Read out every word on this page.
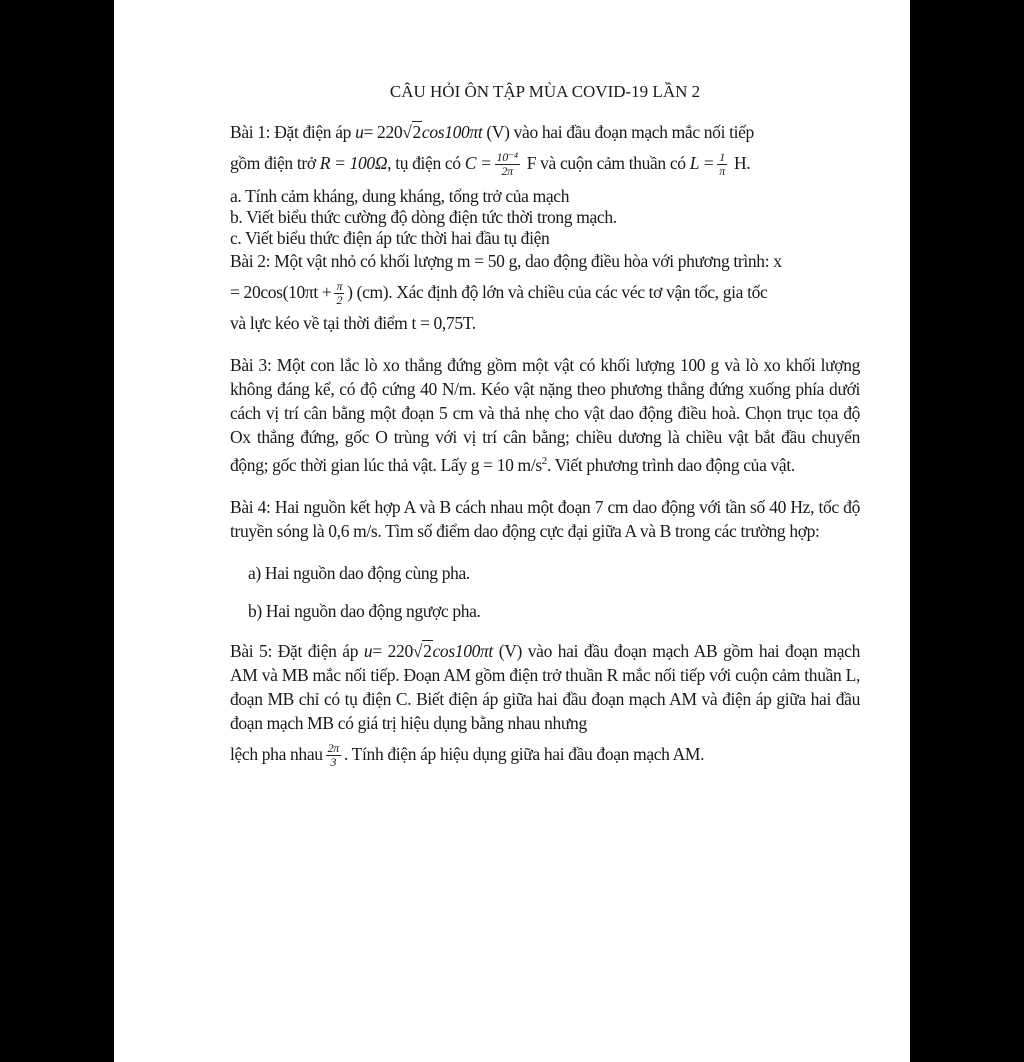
CÂU HỎI ÔN TẬP MÙA COVID-19 LẦN 2
Bài 1: Đặt điện áp u= 220√2cos100πt (V) vào hai đầu đoạn mạch mắc nối tiếp
gồm điện trở R = 100Ω, tụ điện có $C = \frac{\text{10⁻⁴}}{2\pi}$ F và cuộn cảm thuần có $L = \frac{1}{\pi} H$.
a. Tính cảm kháng, dung kháng, tổng trở của mạch
b. Viết biểu thức cường độ dòng điện tức thời trong mạch.
c. Viết biểu thức điện áp tức thời hai đầu tụ điện
Bài 2: Một vật nhỏ có khối lượng m = 50 g, dao động điều hòa với phương trình: x
= $20\cos(10\pi t + \frac{\pi}{2}$ ) (cm). Xác định độ lớn và chiều của các véc tơ vận tốc, gia tốc
và lực kéo về tại thời điểm t = 0,75T.

Bài 3: Một con lắc lò xo thẳng đứng gồm một vật có khối lượng 100 g và lò xo khối lượng không đáng kể, có độ cứng 40 N/m. Kéo vật nặng theo phương thẳng đứng xuống phía dưới cách vị trí cân bằng một đoạn 5 cm và thả nhẹ cho vật dao động điều hoà. Chọn trục tọa độ Ox thẳng đứng, gốc O trùng với vị trí cân bằng; chiều dương là chiều vật bắt đầu chuyển động; gốc thời gian lúc thả vật. Lấy g = 10 $m/s^2$. Viết phương trình dao động của vật.

Bài 4: Hai nguồn kết hợp A và B cách nhau một đoạn 7 cm dao động với tần số 40 Hz, tốc độ truyền sóng là 0,6 m/s. Tìm số điểm dao động cực đại giữa A và B trong các trường hợp:

a) Hai nguồn dao động cùng pha.
b) Hai nguồn dao động ngược pha.

Bài 5: Đặt điện áp u= 220√2cos100πt (V) vào hai đầu đoạn mạch AB gồm hai đoạn mạch AM và MB mắc nối tiếp. Đoạn AM gồm điện trở thuần R mắc nối tiếp với cuộn cảm thuần L, đoạn MB chỉ có tụ điện C. Biết điện áp giữa hai đầu đoạn mạch AM và điện áp giữa hai đầu đoạn mạch MB có giá trị hiệu dụng bằng nhau nhưng

lệch pha nhau $\frac{2\pi}{3}$ . Tính điện áp hiệu dụng giữa hai đầu đoạn mạch AM.
